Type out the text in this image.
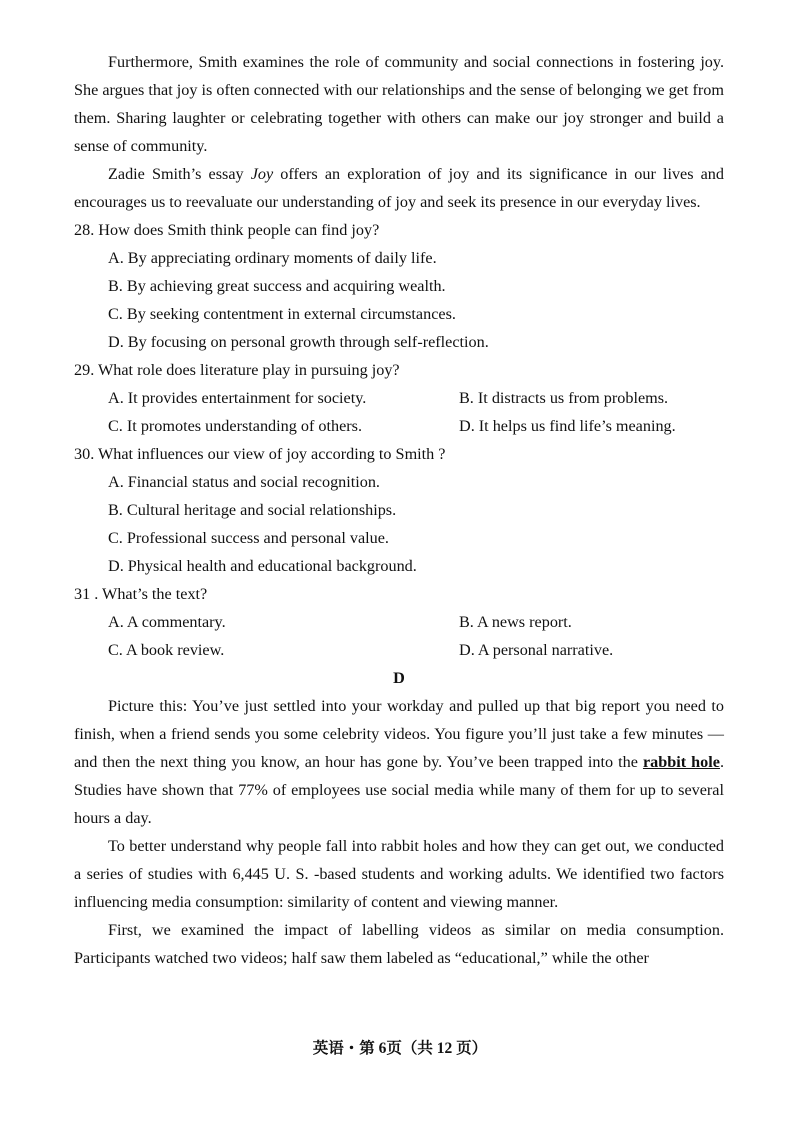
Furthermore, Smith examines the role of community and social connections in fostering joy. She argues that joy is often connected with our relationships and the sense of belonging we get from them. Sharing laughter or celebrating together with others can make our joy stronger and build a sense of community.

Zadie Smith’s essay Joy offers an exploration of joy and its significance in our lives and encourages us to reevaluate our understanding of joy and seek its presence in our everyday lives.

28. How does Smith think people can find joy?

A. By appreciating ordinary moments of daily life.

B. By achieving great success and acquiring wealth.

C. By seeking contentment in external circumstances.

D. By focusing on personal growth through self-reflection.

29. What role does literature play in pursuing joy?

A. It provides entertainment for society.	B. It distracts us from problems.
C. It promotes understanding of others.	D. It helps us find life’s meaning.

30. What influences our view of joy according to Smith ?

A. Financial status and social recognition.

B. Cultural heritage and social relationships.

C. Professional success and personal value.

D. Physical health and educational background.

31 . What’s the text?

A. A commentary.	B. A news report.
C. A book review.	D. A personal narrative.

D

Picture this: You’ve just settled into your workday and pulled up that big report you need to finish, when a friend sends you some celebrity videos. You figure you’ll just take a few minutes — and then the next thing you know, an hour has gone by. You’ve been trapped into the rabbit hole. Studies have shown that 77% of employees use social media while many of them for up to several hours a day.

To better understand why people fall into rabbit holes and how they can get out, we conducted a series of studies with 6,445 U. S. -based students and working adults. We identified two factors influencing media consumption: similarity of content and viewing manner.

First, we examined the impact of labelling videos as similar on media consumption. Participants watched two videos; half saw them labeled as “educational,” while the other

英语・第 6页（共 12 页）
